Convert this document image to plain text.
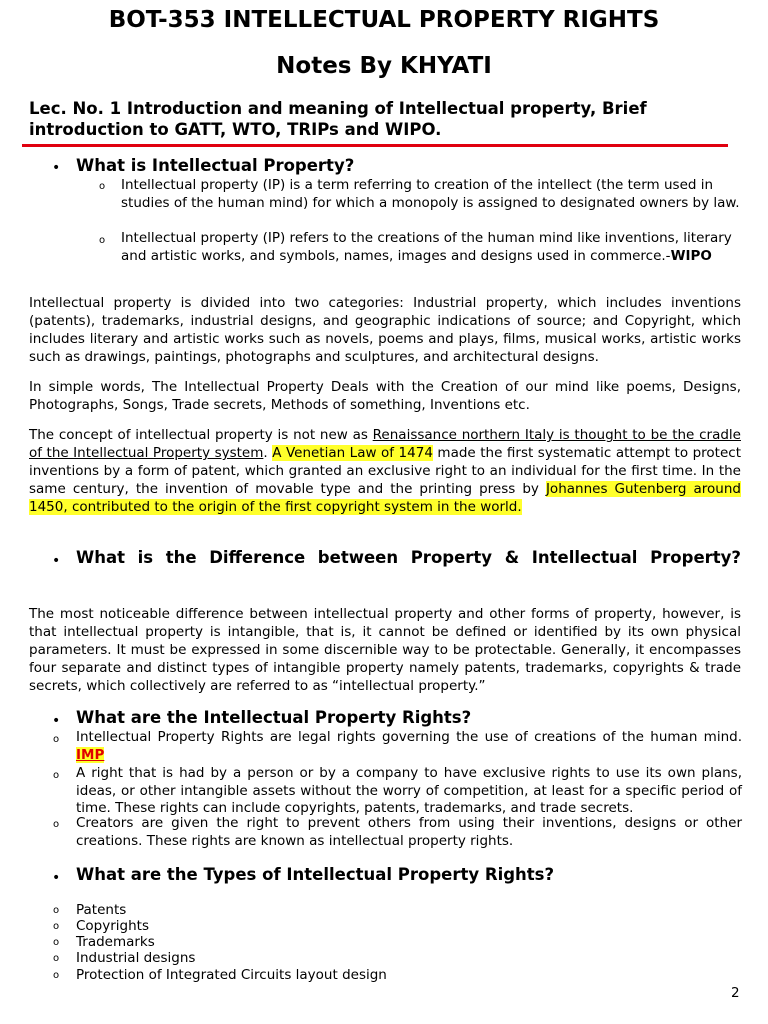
BOT-353 INTELLECTUAL PROPERTY RIGHTS
Notes By KHYATI
Lec. No. 1 Introduction and meaning of Intellectual property, Brief introduction to GATT, WTO, TRIPs and WIPO.
• What is Intellectual Property?
o Intellectual property (IP) is a term referring to creation of the intellect (the term used in studies of the human mind) for which a monopoly is assigned to designated owners by law.
o Intellectual property (IP) refers to the creations of the human mind like inventions, literary and artistic works, and symbols, names, images and designs used in commerce.-WIPO
Intellectual property is divided into two categories: Industrial property, which includes inventions (patents), trademarks, industrial designs, and geographic indications of source; and Copyright, which includes literary and artistic works such as novels, poems and plays, films, musical works, artistic works such as drawings, paintings, photographs and sculptures, and architectural designs.
In simple words, The Intellectual Property Deals with the Creation of our mind like poems, Designs, Photographs, Songs, Trade secrets, Methods of something, Inventions etc.
The concept of intellectual property is not new as Renaissance northern Italy is thought to be the cradle of the Intellectual Property system. A Venetian Law of 1474 made the first systematic attempt to protect inventions by a form of patent, which granted an exclusive right to an individual for the first time. In the same century, the invention of movable type and the printing press by Johannes Gutenberg around 1450, contributed to the origin of the first copyright system in the world.
• What is the Difference between Property & Intellectual Property?
The most noticeable difference between intellectual property and other forms of property, however, is that intellectual property is intangible, that is, it cannot be defined or identified by its own physical parameters. It must be expressed in some discernible way to be protectable. Generally, it encompasses four separate and distinct types of intangible property namely patents, trademarks, copyrights & trade secrets, which collectively are referred to as “intellectual property.”
• What are the Intellectual Property Rights?
o Intellectual Property Rights are legal rights governing the use of creations of the human mind. IMP
o A right that is had by a person or by a company to have exclusive rights to use its own plans, ideas, or other intangible assets without the worry of competition, at least for a specific period of time. These rights can include copyrights, patents, trademarks, and trade secrets.
o Creators are given the right to prevent others from using their inventions, designs or other creations. These rights are known as intellectual property rights.
• What are the Types of Intellectual Property Rights?
o Patents
o Copyrights
o Trademarks
o Industrial designs
o Protection of Integrated Circuits layout design
2
